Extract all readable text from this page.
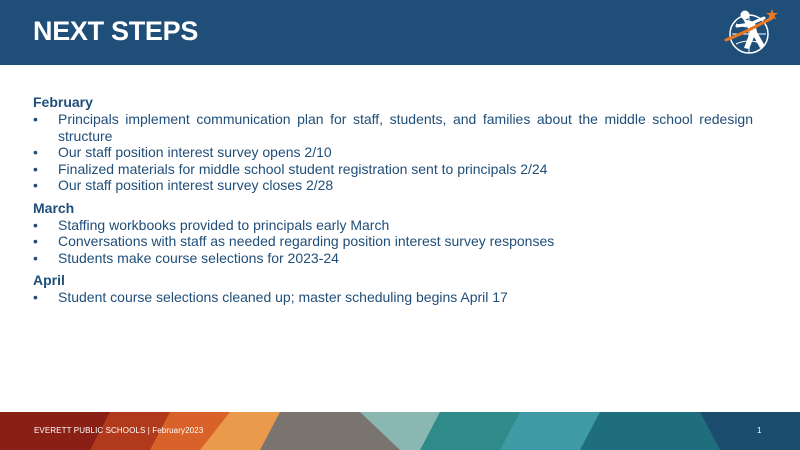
NEXT STEPS
February
• Principals implement communication plan for staff, students, and families about the middle school redesign structure
• Our staff position interest survey opens 2/10
• Finalized materials for middle school student registration sent to principals 2/24
• Our staff position interest survey closes 2/28
March
• Staffing workbooks provided to principals early March
• Conversations with staff as needed regarding position interest survey responses
• Students make course selections for 2023-24
April
• Student course selections cleaned up; master scheduling begins April 17
EVERETT PUBLIC SCHOOLS | February2023	1
